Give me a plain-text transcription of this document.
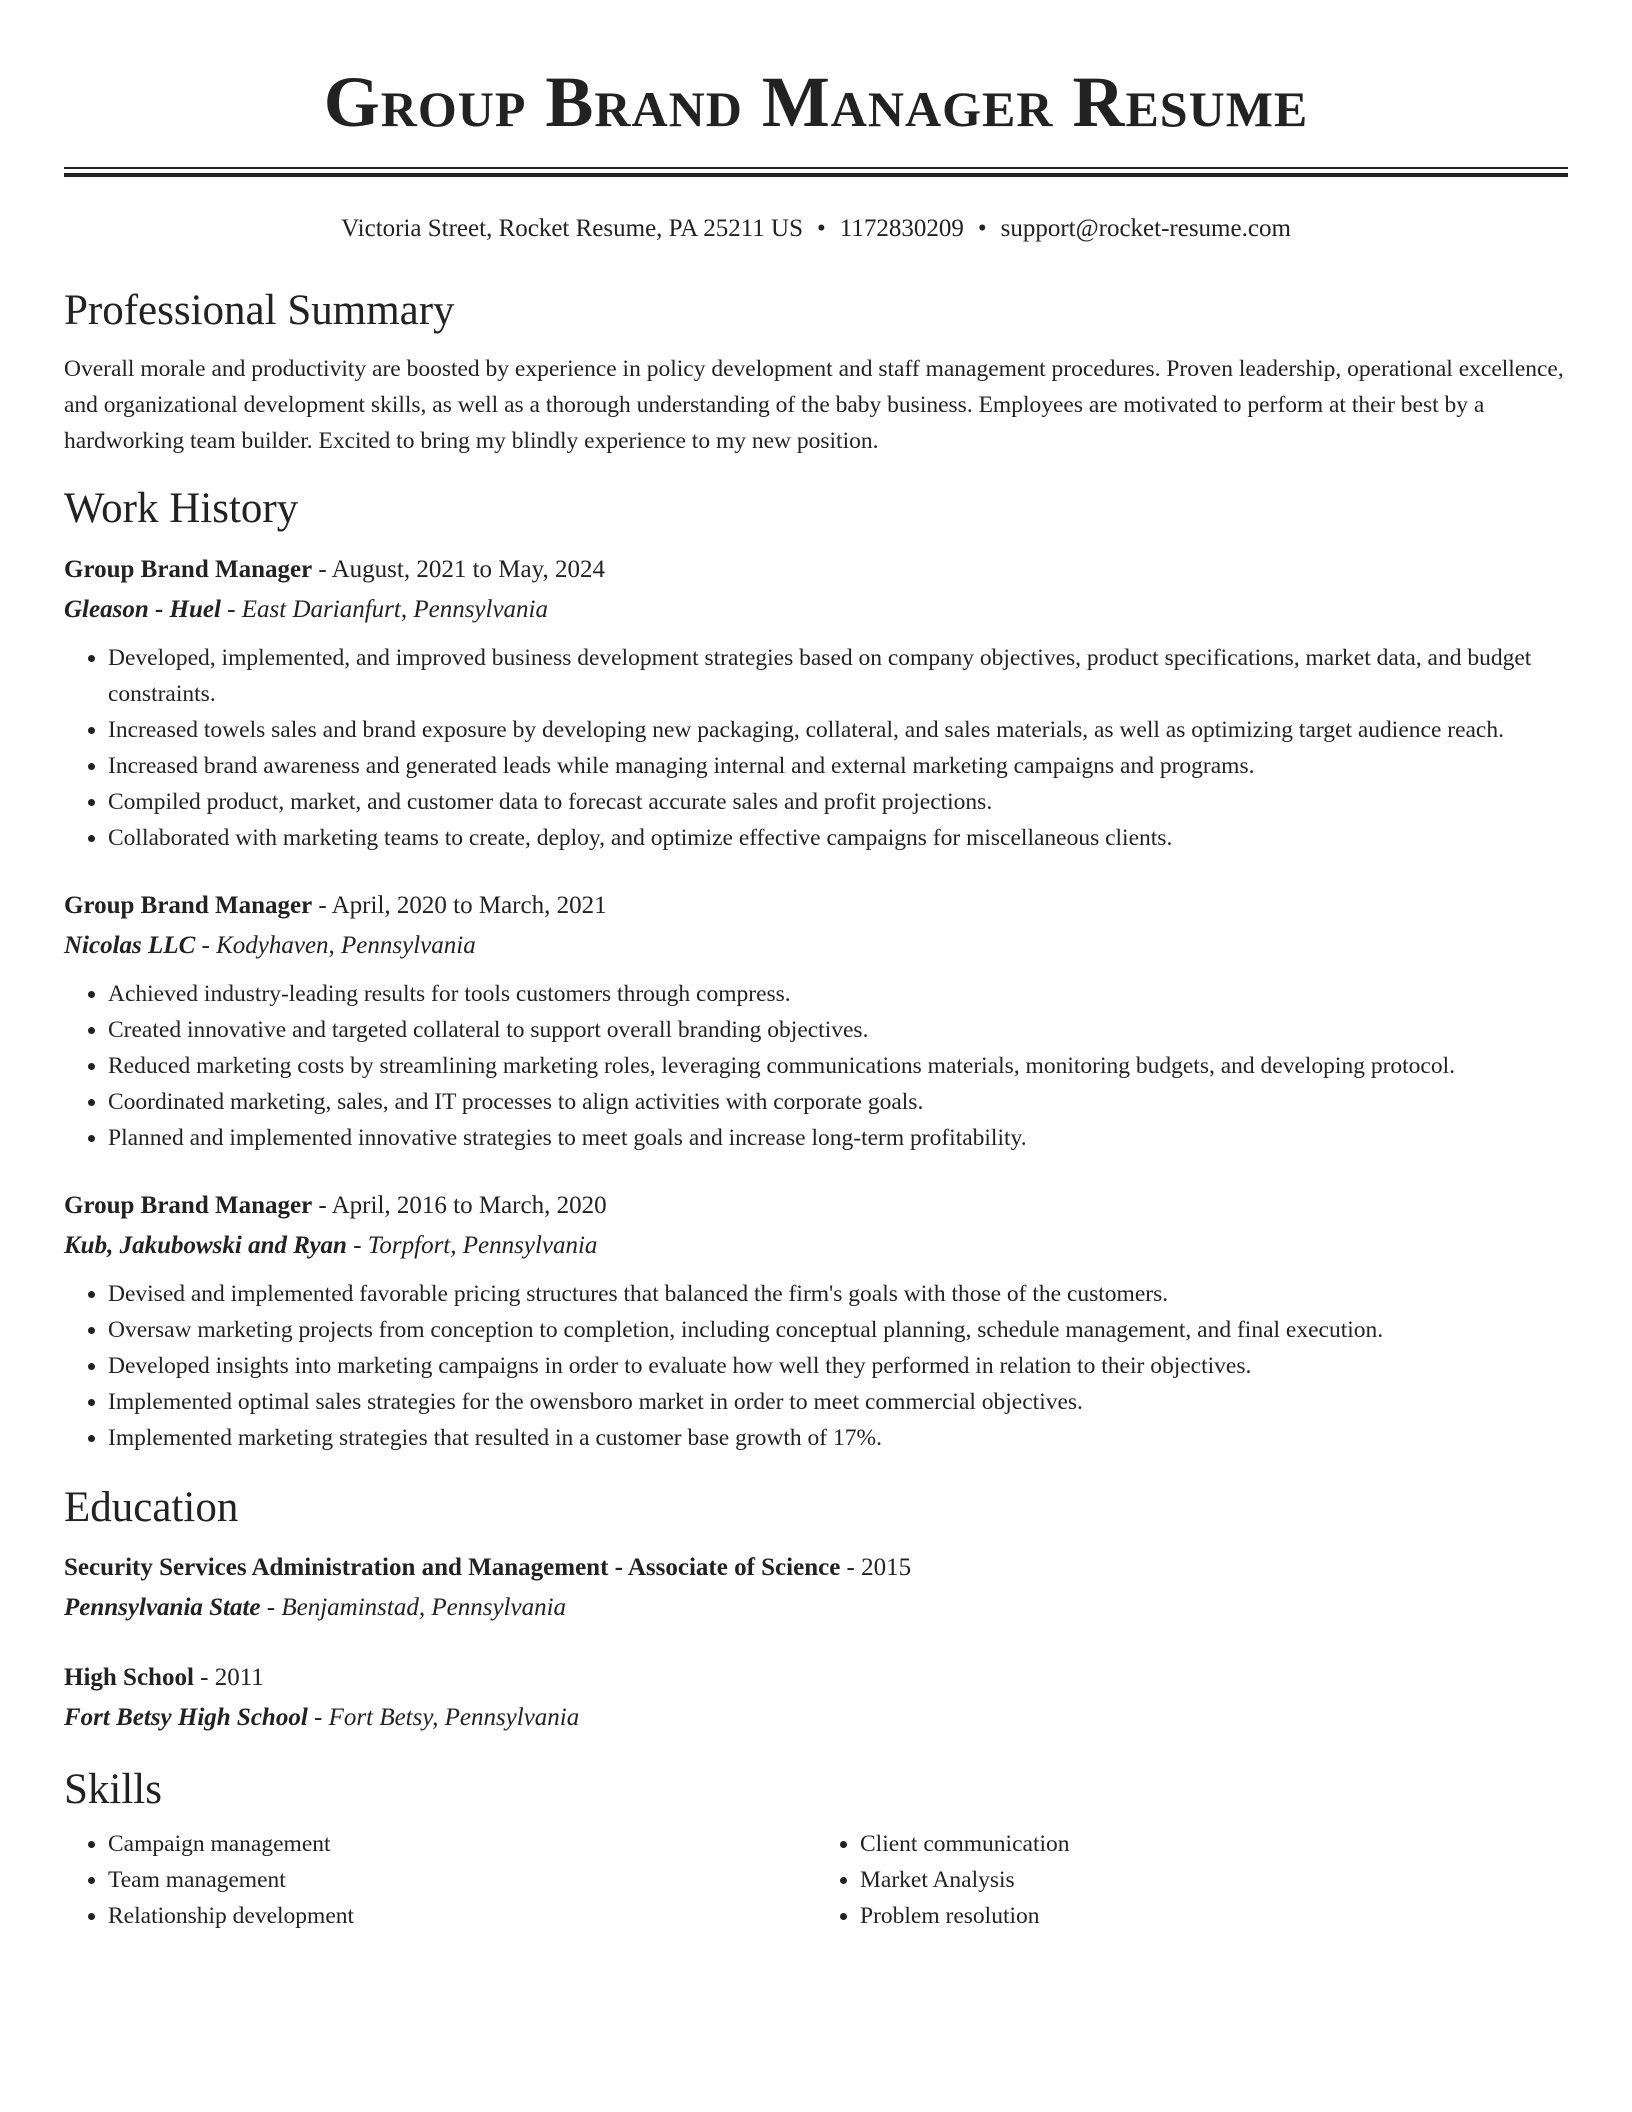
Group Brand Manager Resume
Victoria Street, Rocket Resume, PA 25211 US • 1172830209 • support@rocket-resume.com
Professional Summary

Overall morale and productivity are boosted by experience in policy development and staff management procedures. Proven leadership, operational excellence, and organizational development skills, as well as a thorough understanding of the baby business. Employees are motivated to perform at their best by a hardworking team builder. Excited to bring my blindly experience to my new position.

Work History
Group Brand Manager - August, 2021 to May, 2024
Gleason - Huel - East Darianfurt, Pennsylvania
• Developed, implemented, and improved business development strategies based on company objectives, product specifications, market data, and budget constraints.
• Increased towels sales and brand exposure by developing new packaging, collateral, and sales materials, as well as optimizing target audience reach.
• Increased brand awareness and generated leads while managing internal and external marketing campaigns and programs.
• Compiled product, market, and customer data to forecast accurate sales and profit projections.
• Collaborated with marketing teams to create, deploy, and optimize effective campaigns for miscellaneous clients.
Group Brand Manager - April, 2020 to March, 2021
Nicolas LLC - Kodyhaven, Pennsylvania
• Achieved industry-leading results for tools customers through compress.
• Created innovative and targeted collateral to support overall branding objectives.
• Reduced marketing costs by streamlining marketing roles, leveraging communications materials, monitoring budgets, and developing protocol.
• Coordinated marketing, sales, and IT processes to align activities with corporate goals.
• Planned and implemented innovative strategies to meet goals and increase long-term profitability.
Group Brand Manager - April, 2016 to March, 2020
Kub, Jakubowski and Ryan - Torpfort, Pennsylvania
• Devised and implemented favorable pricing structures that balanced the firm's goals with those of the customers.
• Oversaw marketing projects from conception to completion, including conceptual planning, schedule management, and final execution.
• Developed insights into marketing campaigns in order to evaluate how well they performed in relation to their objectives.
• Implemented optimal sales strategies for the owensboro market in order to meet commercial objectives.
• Implemented marketing strategies that resulted in a customer base growth of 17%.
Education
Security Services Administration and Management - Associate of Science - 2015
Pennsylvania State - Benjaminstad, Pennsylvania
High School - 2011
Fort Betsy High School - Fort Betsy, Pennsylvania
Skills
• Campaign management
• Team management
• Relationship development
• Client communication
• Market Analysis
• Problem resolution
